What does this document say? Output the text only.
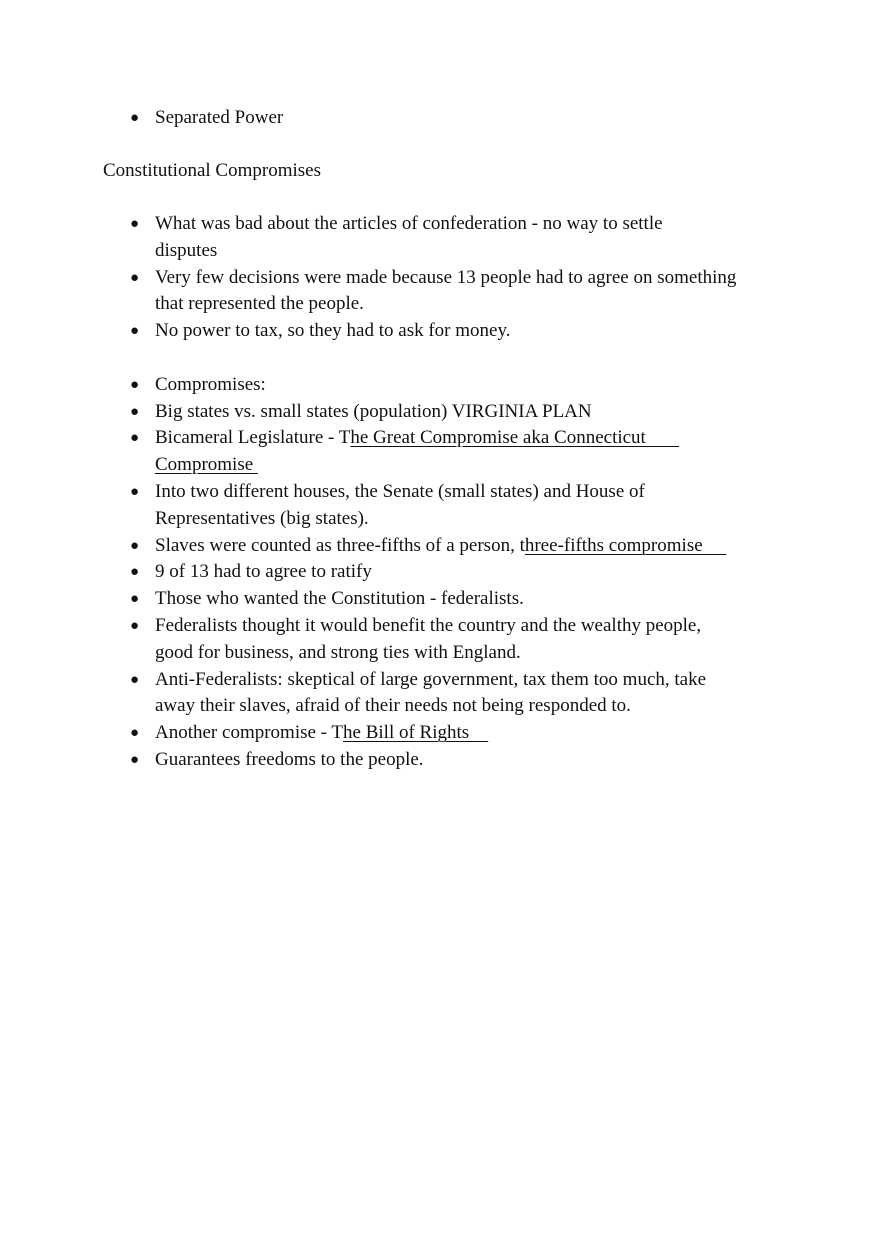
● Separated Power
Constitutional Compromises
● What was bad about the articles of confederation - no way to settle
disputes
● Very few decisions were made because 13 people had to agree on something
that represented the people.
● No power to tax, so they had to ask for money.
● Compromises:
● Big states vs. small states (population) VIRGINIA PLAN
● Bicameral Legislature - The Great Compromise aka Connecticut
Compromise
● Into two different houses, the Senate (small states) and House of
Representatives (big states).
● Slaves were counted as three-fifths of a person, three-fifths compromise
● 9 of 13 had to agree to ratify
● Those who wanted the Constitution - federalists.
● Federalists thought it would benefit the country and the wealthy people,
good for business, and strong ties with England.
● Anti-Federalists: skeptical of large government, tax them too much, take
away their slaves, afraid of their needs not being responded to.
● Another compromise - The Bill of Rights
● Guarantees freedoms to the people.
